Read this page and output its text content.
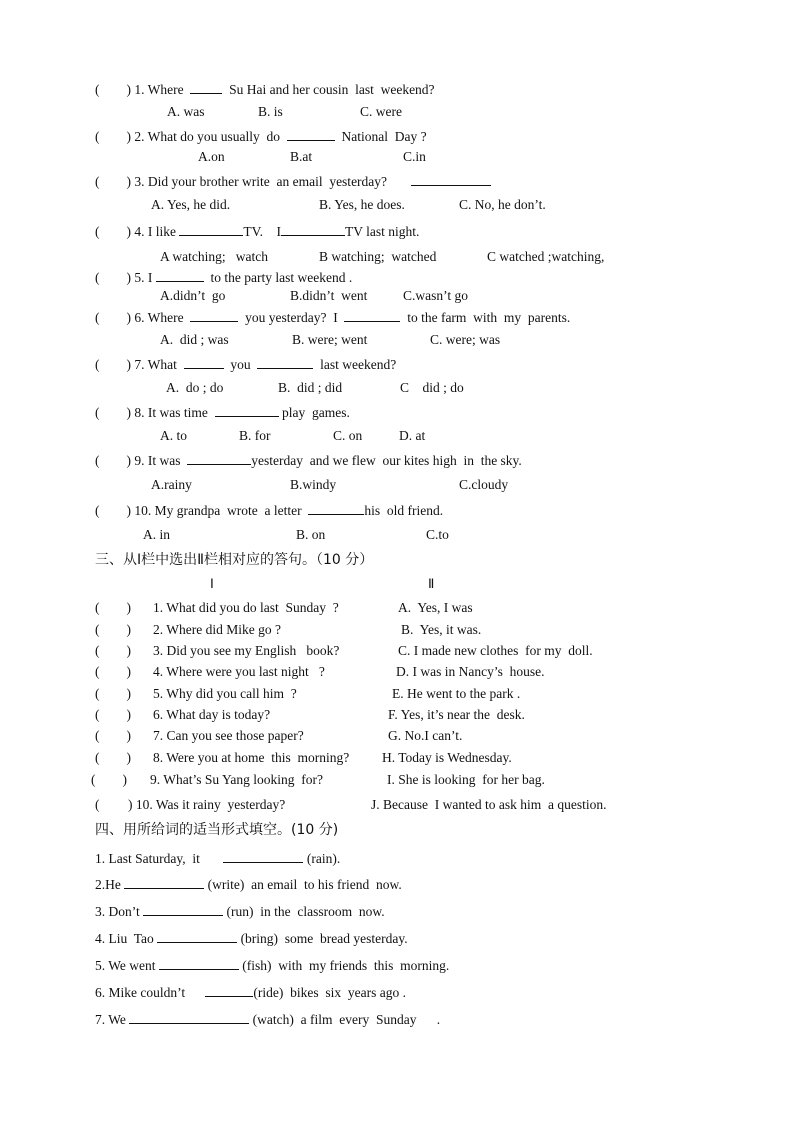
(        ) 1. Where	Su Hai and her cousin  last  weekend?
A. was	B. is	C. were
(        ) 2. What do you usually  do	National  Day ?
A.on	B.at	C.in
(        ) 3. Did your brother write  an email  yesterday?
A. Yes, he did.	B. Yes, he does.	C. No, he don’t.
(        ) 4. I like	TV. I	TV last night.
A watching;   watch	B watching;  watched	C watched ;watching,
(        ) 5. I	to the party last weekend .
A.didn’t  go	B.didn’t  went	C.wasn’t go
(        ) 6. Where	you yesterday?  I	to the farm  with  my  parents.
A.  did ; was	B. were; went	C. were; was
(        ) 7. What	you	last weekend?
A.  do ; do	B.  did ; did	C    did ; do
(        ) 8. It was time	play  games.
A. to	B. for	C. on	D. at
(        ) 9. It was	yesterday  and we flew  our kites high  in  the sky.
A.rainy	B.windy	C.cloudy
(        ) 10. My grandpa  wrote  a letter	his  old friend.
A. in	B. on	C.to
三、从Ⅰ栏中选出Ⅱ栏相对应的答句。（10 分）
Ⅰ	Ⅱ
(        ) 1. What did you do last  Sunday  ?	A.  Yes, I was
(        ) 2. Where did Mike go ?	B.  Yes, it was.
(        ) 3. Did you see my English   book?	C. I made new clothes  for my  doll.
(        ) 4. Where were you last night   ?	D. I was in Nancy’s  house.
(        ) 5. Why did you call him  ?	E. He went to the park .
(        ) 6. What day is today?	F. Yes, it’s near the  desk.
(        ) 7. Can you see those paper?	G. No.I can’t.
(        ) 8. Were you at home  this  morning? H. Today is Wednesday.
(        ) 9. What’s Su Yang looking  for?	I. She is looking  for her bag.
( ) 10. Was it rainy  yesterday?	J. Because  I wanted to ask him  a question.
四、用所给词的适当形式填空。(10 分)
1. Last Saturday,  it	(rain).
2.He	(write)  an email  to his friend  now.
3. Don’t	(run)  in the  classroom  now.
4. Liu  Tao	(bring)  some  bread yesterday.
5. We went	(fish)  with  my friends  this  morning.
6. Mike couldn’t	(ride)  bikes  six  years ago .
7. We	(watch)  a film  every  Sunday      .
